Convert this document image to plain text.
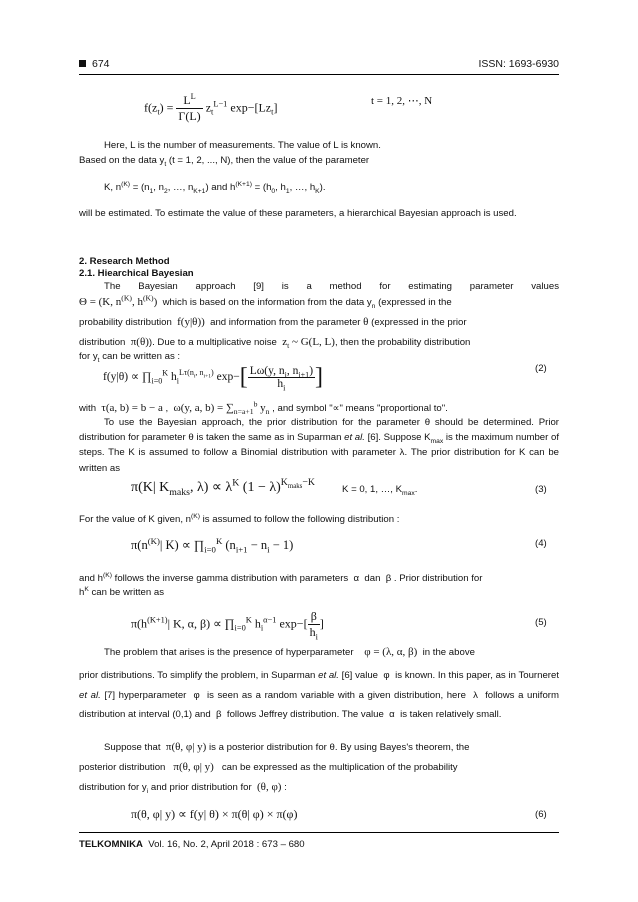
674	ISSN: 1693-6930
$f(z_t) = \frac{L^L}{\Gamma(L)} z_t^{L-1}$ $\exp-[Lz_t]$	t = 1, 2, ⋯, N
Here, L is the number of measurements. The value of L is known.
Based on the data $y_t$ (t = 1, 2, ..., N), then the value of the parameter
K, $n^{(K)} = (n_1$, $n_2$, …, $n_{K+1}$) and $h^{(K+1)} = (h_0$, $h_1$, …, $h_K$).
will be estimated. To estimate the value of these parameters, a hierarchical Bayesian approach is used.
2. Research Method
2.1. Hiearchical Bayesian
The Bayesian approach [9] is a method for estimating parameter values
Θ = (K, $n^{(K)}$, $h^{(K)}$) which is based on the information from the data $y_n$ (expressed in the
probability distribution f(y|θ)) and information from the parameter θ (expressed in the prior
distribution π(θ)). Due to a multiplicative noise $z_t$ ~ G(L, L), then the probability distribution
for $y_t$ can be written as :
$f(y|\theta) \propto \prod_{i=0}^K$ $h_i^{L\tau(n_i, n_{i+1})}$ $\exp-[ \frac{L\omega(y, n_i, n_{i+1})}{h_i}$ ]	(2)
with τ(a, b) = b − a ,  ω(y, a, $b) = \sum_{n=a+1}^b$ $y_n$ , and symbol "∝" means "proportional to".
To use the Bayesian approach, the prior distribution for the parameter θ should be determined. Prior distribution for parameter θ is taken the same as in Suparman et al. [6]. Suppose $K_{max}$ is the maximum number of steps. The K is assumed to follow a Binomial distribution with parameter λ. The prior distribution for K can be written as
π(K| $K_{maks}$, $\lambda) \propto \lambda^K$ $(1 - \lambda)^{K_{maks}-K}$
K = 0, 1, …, $K_{max}$.	(3)
For the value of K given, $n^{(K)}$ is assumed to follow the following distribution :
$\pi(n^{(K)}|$ $K) \propto \prod_{i=0}^K$ $(n_{i+1} - n_i - 1)$	(4)
and $h^{(K)}$ follows the inverse gamma distribution with parameters  α  dan  β . Prior distribution for
$h^K$ can be written as
$\pi(h^{(K+1)}|$ K, α, $\beta) \propto \prod_{i=0}^K$ $h_i^{\alpha-1}$ $\exp-[ \frac{\beta}{h_i}$ ]	(5)
The problem that arises is the presence of hyperparameter φ = (λ, α, β) in the above
prior distributions. To simplify the problem, in Suparman et al. [6] value  φ  is known. In this paper, as in Tourneret et al. [7] hyperparameter  φ  is seen as a random variable with a given distribution, here  λ  follows a uniform distribution at interval (0,1) and  β  follows Jeffrey distribution. The value  α  is taken relatively small.
Suppose that π(θ, φ| y) is a posterior distribution for θ. By using Bayes's theorem, the
posterior distribution π(θ, φ| y) can be expressed as the multiplication of the probability
distribution for $y_i$ and prior distribution for (θ, φ) :
π(θ, φ| y) ∝ f(y| θ) × π(θ| φ) × π(φ)	(6)
TELKOMNIKA Vol. 16, No. 2, April 2018 : 673 – 680
